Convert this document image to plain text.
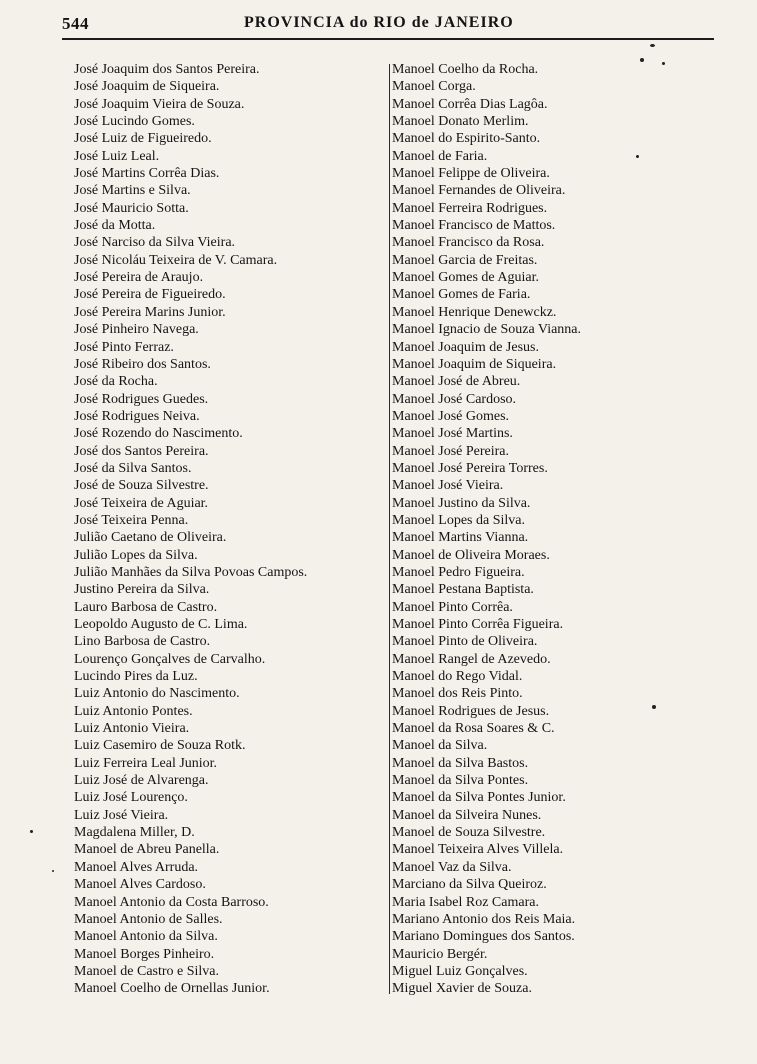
544	PROVINCIA do RIO de JANEIRO
José Joaquim dos Santos Pereira.
José Joaquim de Siqueira.
José Joaquim Vieira de Souza.
José Lucindo Gomes.
José Luiz de Figueiredo.
José Luiz Leal.
José Martins Corrêa Dias.
José Martins e Silva.
José Mauricio Sotta.
José da Motta.
José Narciso da Silva Vieira.
José Nicoláu Teixeira de V. Camara.
José Pereira de Araujo.
José Pereira de Figueiredo.
José Pereira Marins Junior.
José Pinheiro Navega.
José Pinto Ferraz.
José Ribeiro dos Santos.
José da Rocha.
José Rodrigues Guedes.
José Rodrigues Neiva.
José Rozendo do Nascimento.
José dos Santos Pereira.
José da Silva Santos.
José de Souza Silvestre.
José Teixeira de Aguiar.
José Teixeira Penna.
Julião Caetano de Oliveira.
Julião Lopes da Silva.
Julião Manhães da Silva Povoas Campos.
Justino Pereira da Silva.
Lauro Barbosa de Castro.
Leopoldo Augusto de C. Lima.
Lino Barbosa de Castro.
Lourenço Gonçalves de Carvalho.
Lucindo Pires da Luz.
Luiz Antonio do Nascimento.
Luiz Antonio Pontes.
Luiz Antonio Vieira.
Luiz Casemiro de Souza Rotk.
Luiz Ferreira Leal Junior.
Luiz José de Alvarenga.
Luiz José Lourenço.
Luiz José Vieira.
Magdalena Miller, D.
Manoel de Abreu Panella.
Manoel Alves Arruda.
Manoel Alves Cardoso.
Manoel Antonio da Costa Barroso.
Manoel Antonio de Salles.
Manoel Antonio da Silva.
Manoel Borges Pinheiro.
Manoel de Castro e Silva.
Manoel Coelho de Ornellas Junior.
Manoel Coelho da Rocha.
Manoel Corga.
Manoel Corrêa Dias Lagôa.
Manoel Donato Merlim.
Manoel do Espirito-Santo.
Manoel de Faria.
Manoel Felippe de Oliveira.
Manoel Fernandes de Oliveira.
Manoel Ferreira Rodrigues.
Manoel Francisco de Mattos.
Manoel Francisco da Rosa.
Manoel Garcia de Freitas.
Manoel Gomes de Aguiar.
Manoel Gomes de Faria.
Manoel Henrique Denewckz.
Manoel Ignacio de Souza Vianna.
Manoel Joaquim de Jesus.
Manoel Joaquim de Siqueira.
Manoel José de Abreu.
Manoel José Cardoso.
Manoel José Gomes.
Manoel José Martins.
Manoel José Pereira.
Manoel José Pereira Torres.
Manoel José Vieira.
Manoel Justino da Silva.
Manoel Lopes da Silva.
Manoel Martins Vianna.
Manoel de Oliveira Moraes.
Manoel Pedro Figueira.
Manoel Pestana Baptista.
Manoel Pinto Corrêa.
Manoel Pinto Corrêa Figueira.
Manoel Pinto de Oliveira.
Manoel Rangel de Azevedo.
Manoel do Rego Vidal.
Manoel dos Reis Pinto.
Manoel Rodrigues de Jesus.
Manoel da Rosa Soares & C.
Manoel da Silva.
Manoel da Silva Bastos.
Manoel da Silva Pontes.
Manoel da Silva Pontes Junior.
Manoel da Silveira Nunes.
Manoel de Souza Silvestre.
Manoel Teixeira Alves Villela.
Manoel Vaz da Silva.
Marciano da Silva Queiroz.
Maria Isabel Roz Camara.
Mariano Antonio dos Reis Maia.
Mariano Domingues dos Santos.
Mauricio Bergér.
Miguel Luiz Gonçalves.
Miguel Xavier de Souza.
